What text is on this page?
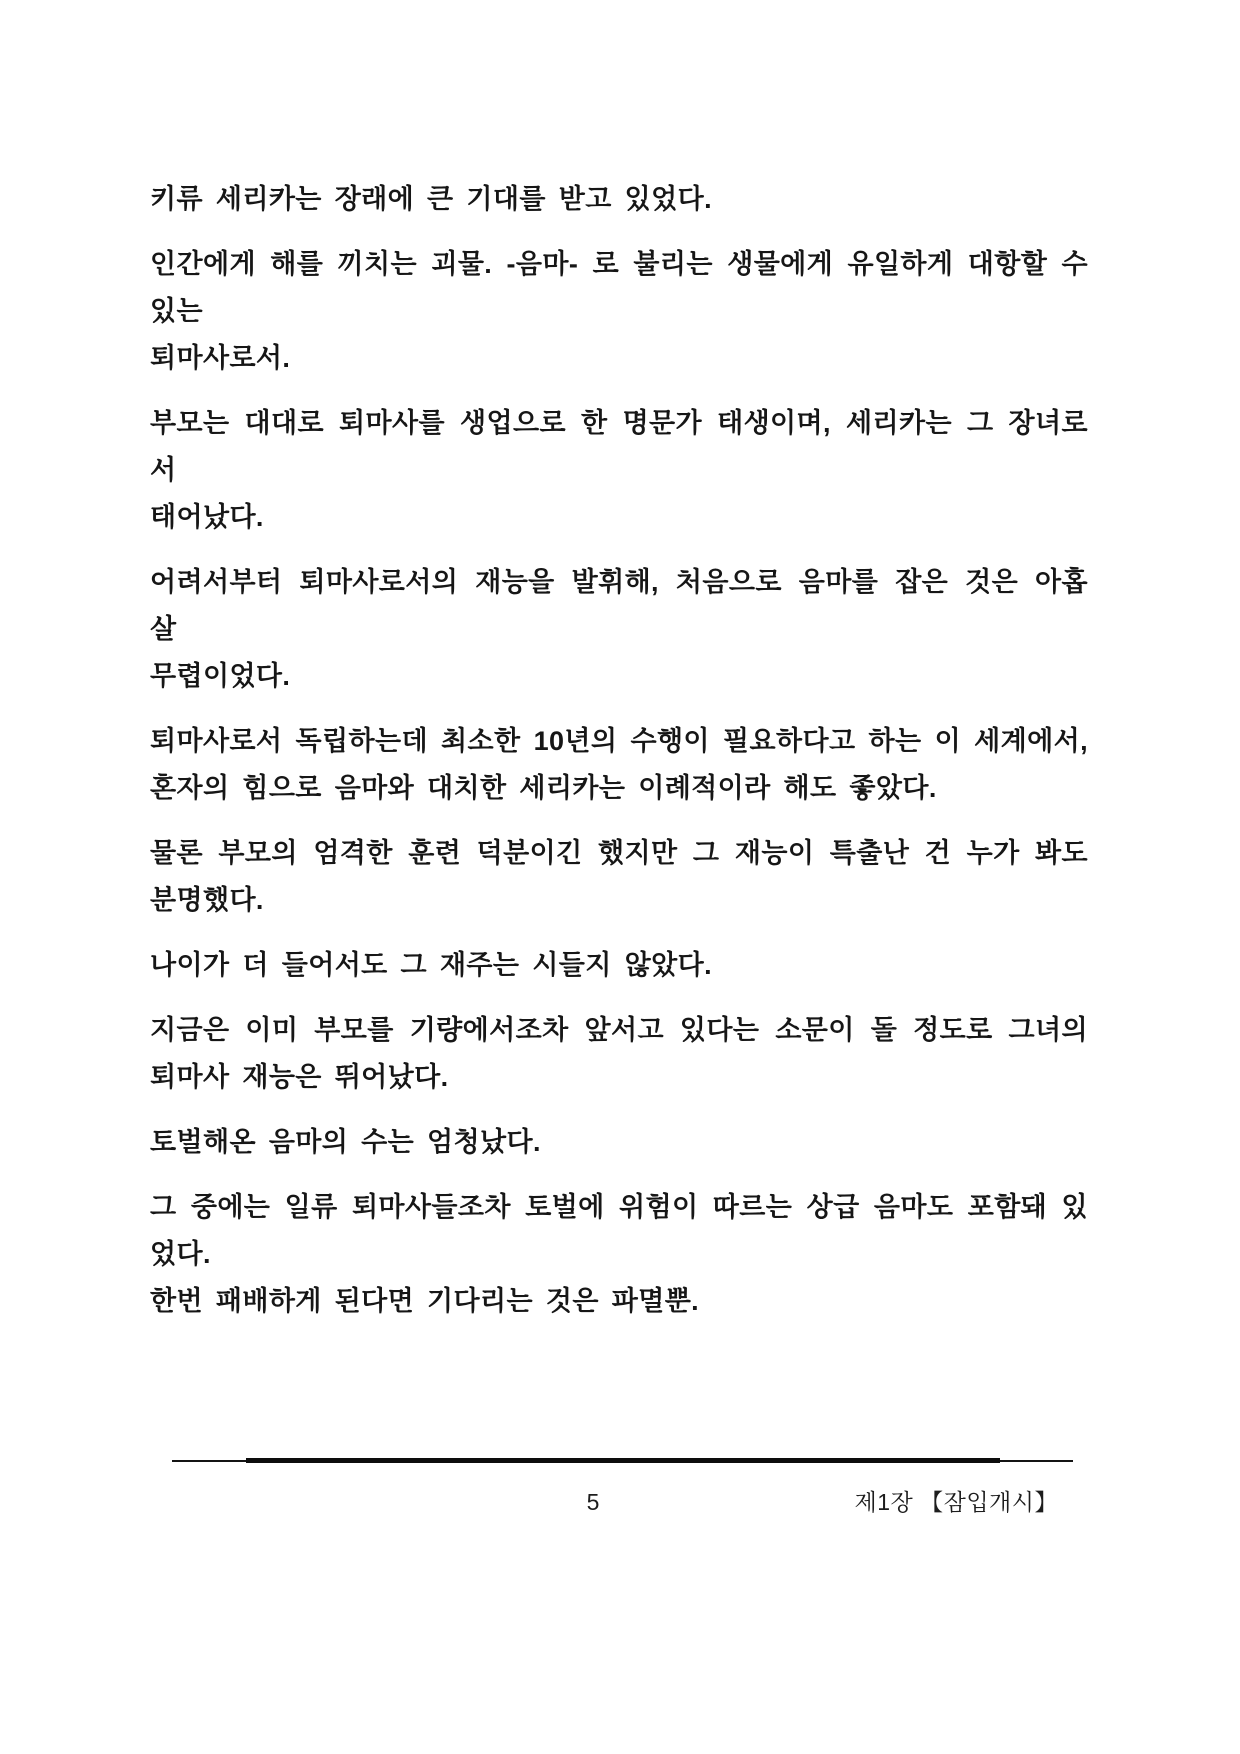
키류 세리카는 장래에 큰 기대를 받고 있었다.
인간에게 해를 끼치는 괴물. -음마- 로 불리는 생물에게 유일하게 대항할 수 있는
퇴마사로서.
부모는 대대로 퇴마사를 생업으로 한 명문가 태생이며, 세리카는 그 장녀로서
태어났다.
어려서부터 퇴마사로서의 재능을 발휘해, 처음으로 음마를 잡은 것은 아홉 살
무렵이었다.
퇴마사로서 독립하는데 최소한 10년의 수행이 필요하다고 하는 이 세계에서,
혼자의 힘으로 음마와 대치한 세리카는 이례적이라 해도 좋았다.
물론 부모의 엄격한 훈련 덕분이긴 했지만 그 재능이 특출난 건 누가 봐도
분명했다.
나이가 더 들어서도 그 재주는 시들지 않았다.
지금은 이미 부모를 기량에서조차 앞서고 있다는 소문이 돌 정도로 그녀의
퇴마사 재능은 뛰어났다.
토벌해온 음마의 수는 엄청났다.
그 중에는 일류 퇴마사들조차 토벌에 위험이 따르는 상급 음마도 포함돼 있었다.
한번 패배하게 된다면 기다리는 것은 파멸뿐.
5	제1장 【잠입개시】
